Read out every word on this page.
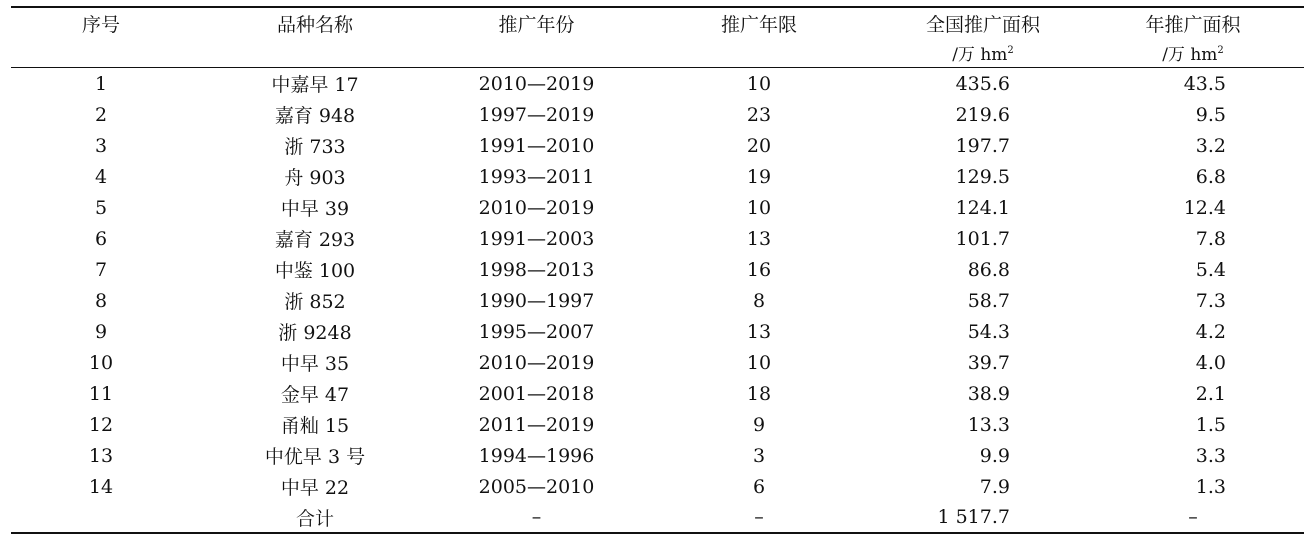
序号	品种名称	推广年份	推广年限	全国推广面积	年推广面积
				/万 $hm^2$	/万 $hm^2$
1	中嘉早 17	2010—2019	10	435.6	43.5
2	嘉育 948	1997—2019	23	219.6	9.5
3	浙 733	1991—2010	20	197.7	3.2
4	舟 903	1993—2011	19	129.5	6.8
5	中早 39	2010—2019	10	124.1	12.4
6	嘉育 293	1991—2003	13	101.7	7.8
7	中鉴 100	1998—2013	16	86.8	5.4
8	浙 852	1990—1997	8	58.7	7.3
9	浙 9248	1995—2007	13	54.3	4.2
10	中早 35	2010—2019	10	39.7	4.0
11	金早 47	2001—2018	18	38.9	2.1
12	甬籼 15	2011—2019	9	13.3	1.5
13	中优早 3 号	1994—1996	3	9.9	3.3
14	中早 22	2005—2010	6	7.9	1.3
	合计	–	–	1 517.7	–
